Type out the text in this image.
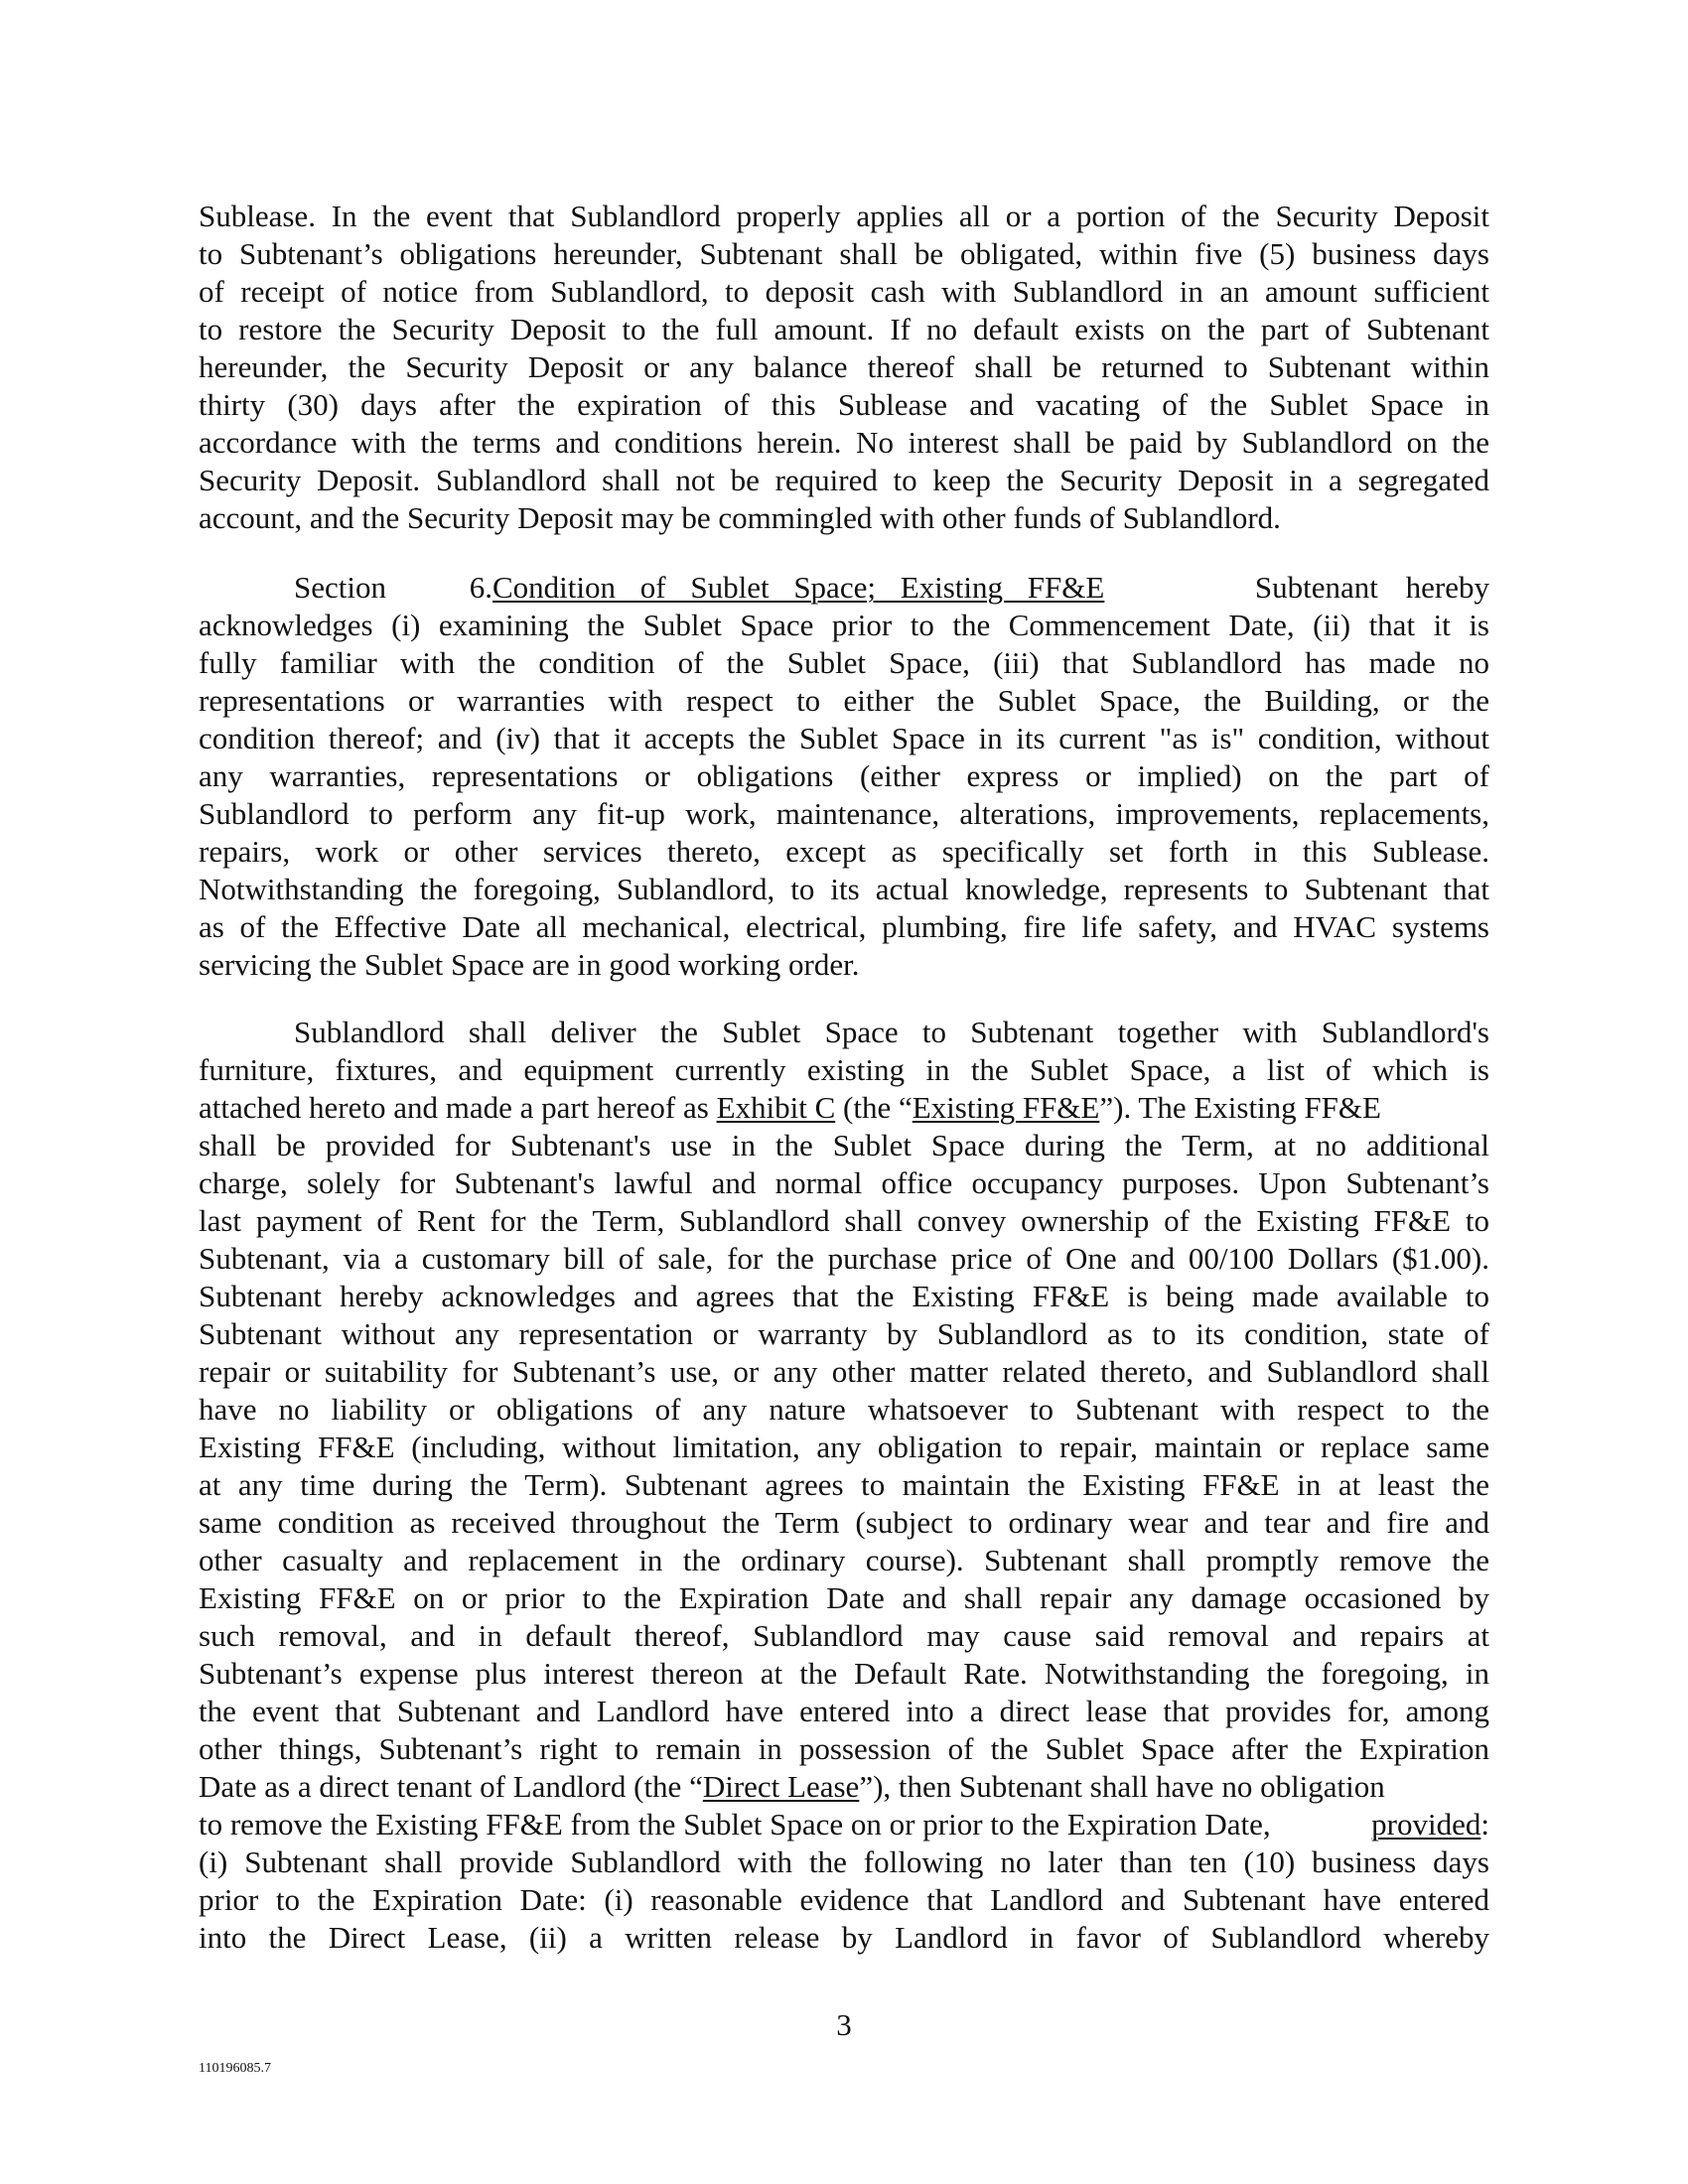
Sublease. In the event that Sublandlord properly applies all or a portion of the Security Deposit
to Subtenant’s obligations hereunder, Subtenant shall be obligated, within five (5) business days
of receipt of notice from Sublandlord, to deposit cash with Sublandlord in an amount sufficient
to restore the Security Deposit to the full amount. If no default exists on the part of Subtenant
hereunder, the Security Deposit or any balance thereof shall be returned to Subtenant within
thirty (30) days after the expiration of this Sublease and vacating of the Sublet Space in
accordance with the terms and conditions herein. No interest shall be paid by Sublandlord on the
Security Deposit. Sublandlord shall not be required to keep the Security Deposit in a segregated
account, and the Security Deposit may be commingled with other funds of Sublandlord.
Section 6. Condition of Sublet Space; Existing FF&E	Subtenant hereby
acknowledges (i) examining the Sublet Space prior to the Commencement Date, (ii) that it is
fully familiar with the condition of the Sublet Space, (iii) that Sublandlord has made no
representations or warranties with respect to either the Sublet Space, the Building, or the
condition thereof; and (iv) that it accepts the Sublet Space in its current "as is" condition, without
any warranties, representations or obligations (either express or implied) on the part of
Sublandlord to perform any fit-up work, maintenance, alterations, improvements, replacements,
repairs, work or other services thereto, except as specifically set forth in this Sublease.
Notwithstanding the foregoing, Sublandlord, to its actual knowledge, represents to Subtenant that
as of the Effective Date all mechanical, electrical, plumbing, fire life safety, and HVAC systems
servicing the Sublet Space are in good working order.
Sublandlord shall deliver the Sublet Space to Subtenant together with Sublandlord's
furniture, fixtures, and equipment currently existing in the Sublet Space, a list of which is
attached hereto and made a part hereof as Exhibit C (the “Existing FF&E”). The Existing FF&E
shall be provided for Subtenant's use in the Sublet Space during the Term, at no additional
charge, solely for Subtenant's lawful and normal office occupancy purposes. Upon Subtenant’s
last payment of Rent for the Term, Sublandlord shall convey ownership of the Existing FF&E to
Subtenant, via a customary bill of sale, for the purchase price of One and 00/100 Dollars ($1.00).
Subtenant hereby acknowledges and agrees that the Existing FF&E is being made available to
Subtenant without any representation or warranty by Sublandlord as to its condition, state of
repair or suitability for Subtenant’s use, or any other matter related thereto, and Sublandlord shall
have no liability or obligations of any nature whatsoever to Subtenant with respect to the
Existing FF&E (including, without limitation, any obligation to repair, maintain or replace same
at any time during the Term). Subtenant agrees to maintain the Existing FF&E in at least the
same condition as received throughout the Term (subject to ordinary wear and tear and fire and
other casualty and replacement in the ordinary course). Subtenant shall promptly remove the
Existing FF&E on or prior to the Expiration Date and shall repair any damage occasioned by
such removal, and in default thereof, Sublandlord may cause said removal and repairs at
Subtenant’s expense plus interest thereon at the Default Rate. Notwithstanding the foregoing, in
the event that Subtenant and Landlord have entered into a direct lease that provides for, among
other things, Subtenant’s right to remain in possession of the Sublet Space after the Expiration
Date as a direct tenant of Landlord (the “ Direct Lease ”), then Subtenant shall have no obligation
to remove the Existing FF&E from the Sublet Space on or prior to the Expiration Date,	provided :
(i) Subtenant shall provide Sublandlord with the following no later than ten (10) business days
prior to the Expiration Date: (i) reasonable evidence that Landlord and Subtenant have entered
into the Direct Lease, (ii) a written release by Landlord in favor of Sublandlord whereby
3
110196085.7
